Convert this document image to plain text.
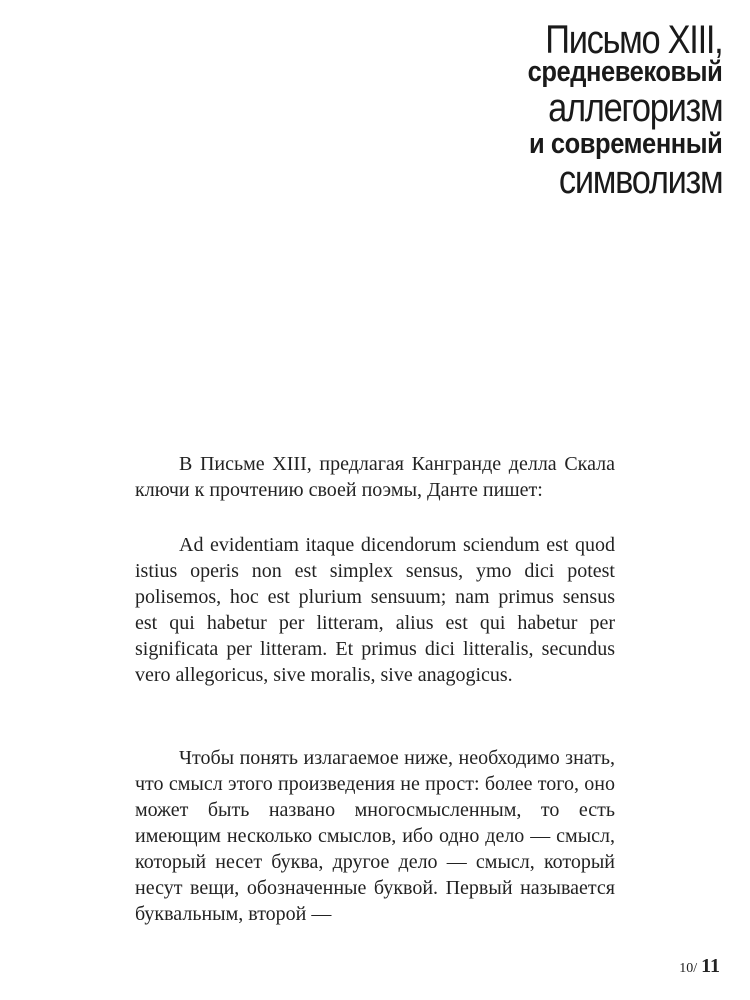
Письмо XIII,
средневековый
аллегоризм
и современный
символизм

В Письме XIII, предлагая Кангранде делла Скала ключи к прочтению своей поэмы, Данте пишет:

Ad evidentiam itaque dicendorum sciendum est quod istius operis non est simplex sensus, ymo dici potest polisemos, hoc est plurium sensuum; nam primus sensus est qui habetur per litteram, alius est qui habetur per significata per litteram. Et primus dici litteralis, secundus vero allegoricus, sive moralis, sive anagogicus.

Чтобы понять излагаемое ниже, необходимо знать, что смысл этого произведения не прост: более того, оно может быть названо многосмысленным, то есть имеющим несколько смыслов, ибо одно дело — смысл, который несет буква, другое дело — смысл, который несут вещи, обозначенные буквой. Первый называется буквальным, второй —

10/ 11
